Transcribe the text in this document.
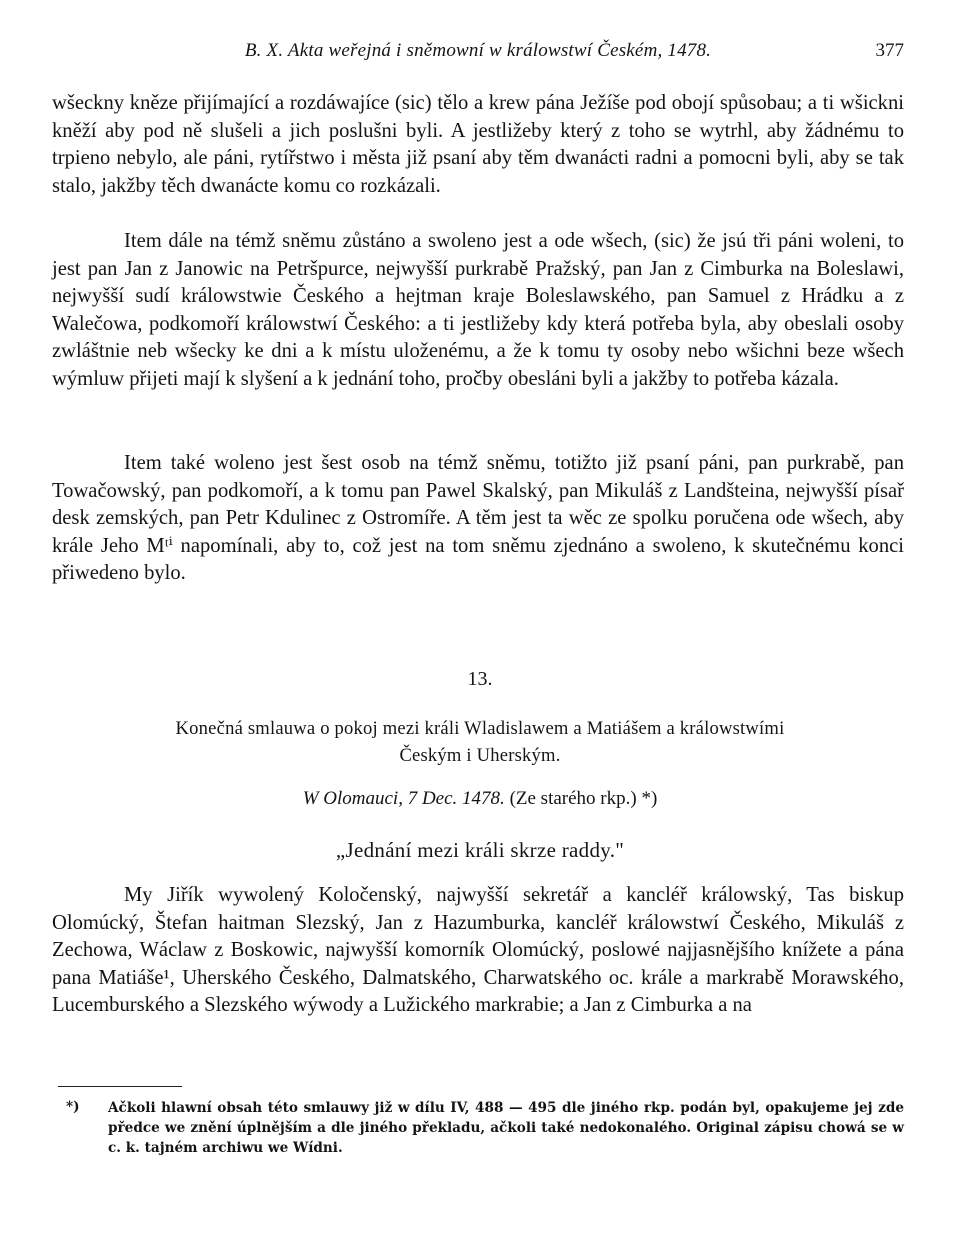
B. X. Akta weřejná i sněmowní w králowstwí Českém, 1478.	377

wšeckny kněze přijímající a rozdáwajíce (sic) tělo a krew pána Ježíše pod obojí spůsobau; a ti wšickni kněží aby pod ně slušeli a jich poslušni byli. A jestližeby který z toho se wytrhl, aby žádnému to trpieno nebylo, ale páni, rytířstwo i města již psaní aby těm dwanácti radni a pomocni byli, aby se tak stalo, jakžby těch dwanácte komu co rozkázali.

Item dále na témž sněmu zůstáno a swoleno jest a ode wšech, (sic) že jsú tři páni woleni, to jest pan Jan z Janowic na Petršpurce, nejwyšší purkrabě Pražský, pan Jan z Cimburka na Boleslawi, nejwyšší sudí králowstwie Českého a hejtman kraje Boleslawského, pan Samuel z Hrádku a z Walečowa, podkomoří králowstwí Českého: a ti jestližeby kdy která potřeba byla, aby obeslali osoby zwláštnie neb wšecky ke dni a k místu uloženému, a že k tomu ty osoby nebo wšichni beze wšech wýmluw přijeti mají k slyšení a k jednání toho, pročby obesláni byli a jakžby to potřeba kázala.

Item také woleno jest šest osob na témž sněmu, totižto již psaní páni, pan purkrabě, pan Towačowský, pan podkomoří, a k tomu pan Pawel Skalský, pan Mikuláš z Landšteina, nejwyšší písař desk zemských, pan Petr Kdulinec z Ostromíře. A těm jest ta wěc ze spolku poručena ode wšech, aby krále Jeho Mᵗⁱ napomínali, aby to, což jest na tom sněmu zjednáno a swoleno, k skutečnému konci přiwedeno bylo.

13.
Konečná smlauwa o pokoj mezi králi Wladislawem a Matiášem a králowstwími
Českým i Uherským.
W Olomauci, 7 Dec. 1478. (Ze starého rkp.) *)
„Jednání mezi králi skrze raddy."

My Jiřík wywolený Koločenský, najwyšší sekretář a kancléř králowský, Tas biskup Olomúcký, Štefan haitman Slezský, Jan z Hazumburka, kancléř králowstwí Českého, Mikuláš z Zechowa, Wáclaw z Boskowic, najwyšší komorník Olomúcký, poslowé najjasnějšího knížete a pána pana Matiáše¹, Uherského Českého, Dalmatského, Charwatského oc. krále a markrabě Morawského, Lucemburského a Slezského wýwody a Lužického markrabie; a Jan z Cimburka a na

*)	Ačkoli hlawní obsah této smlauwy již w dílu IV, 488 — 495 dle jiného rkp. podán byl, opakujeme jej zde předce we znění úplnějším a dle jiného překladu, ačkoli také nedokonalého. Original zápisu chowá se w c. k. tajném archiwu we Wídni.
